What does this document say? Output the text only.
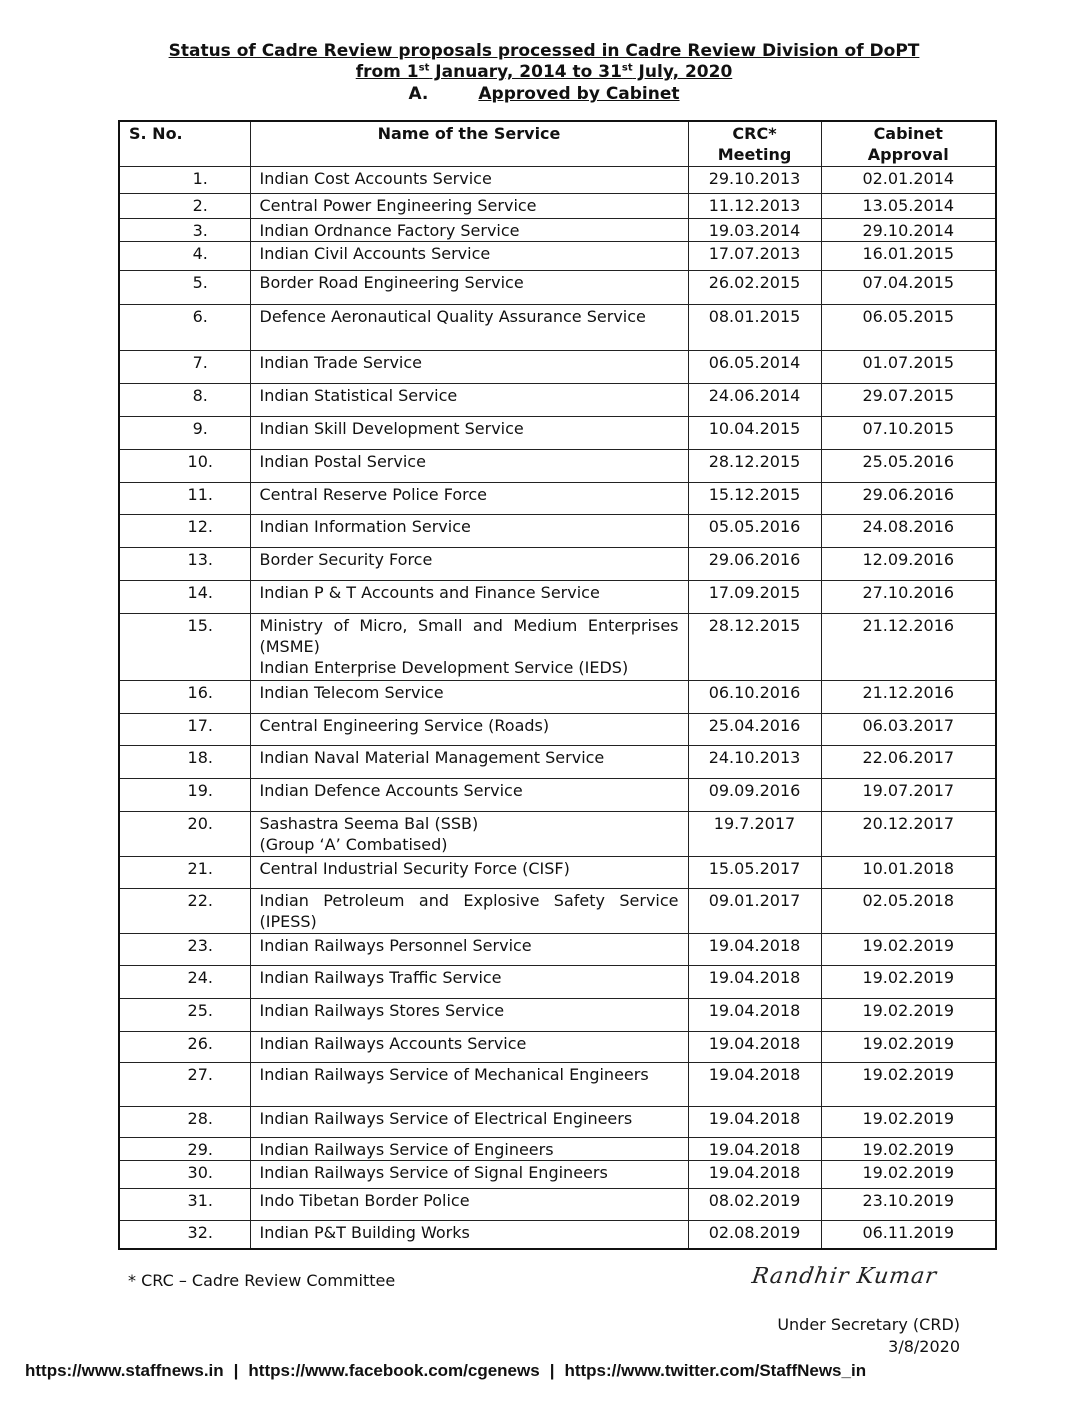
Status of Cadre Review proposals processed in Cadre Review Division of DoPT
from 1st January, 2014 to 31st July, 2020
A.	Approved by Cabinet
S. No.	Name of the Service	CRC* Meeting	Cabinet Approval
1.	Indian Cost Accounts Service	29.10.2013	02.01.2014
2.	Central Power Engineering Service	11.12.2013	13.05.2014
3.	Indian Ordnance Factory Service	19.03.2014	29.10.2014
4.	Indian Civil Accounts Service	17.07.2013	16.01.2015
5.	Border Road Engineering Service	26.02.2015	07.04.2015
6.	Defence Aeronautical Quality Assurance Service	08.01.2015	06.05.2015
7.	Indian Trade Service	06.05.2014	01.07.2015
8.	Indian Statistical Service	24.06.2014	29.07.2015
9.	Indian Skill Development Service	10.04.2015	07.10.2015
10.	Indian Postal Service	28.12.2015	25.05.2016
11.	Central Reserve Police Force	15.12.2015	29.06.2016
12.	Indian Information Service	05.05.2016	24.08.2016
13.	Border Security Force	29.06.2016	12.09.2016
14.	Indian P & T Accounts and Finance Service	17.09.2015	27.10.2016
15.	Ministry of Micro, Small and Medium Enterprises (MSME)
Indian Enterprise Development Service (IEDS)	28.12.2015	21.12.2016
16.	Indian Telecom Service	06.10.2016	21.12.2016
17.	Central Engineering Service (Roads)	25.04.2016	06.03.2017
18.	Indian Naval Material Management Service	24.10.2013	22.06.2017
19.	Indian Defence Accounts Service	09.09.2016	19.07.2017
20.	Sashastra Seema Bal (SSB)
(Group ‘A’ Combatised)	19.7.2017	20.12.2017
21.	Central Industrial Security Force (CISF)	15.05.2017	10.01.2018
22.	Indian Petroleum and Explosive Safety Service (IPESS)	09.01.2017	02.05.2018
23.	Indian Railways Personnel Service	19.04.2018	19.02.2019
24.	Indian Railways Traffic Service	19.04.2018	19.02.2019
25.	Indian Railways Stores Service	19.04.2018	19.02.2019
26.	Indian Railways Accounts Service	19.04.2018	19.02.2019
27.	Indian Railways Service of Mechanical Engineers	19.04.2018	19.02.2019
28.	Indian Railways Service of Electrical Engineers	19.04.2018	19.02.2019
29.	Indian Railways Service of Engineers	19.04.2018	19.02.2019
30.	Indian Railways Service of Signal Engineers	19.04.2018	19.02.2019
31.	Indo Tibetan Border Police	08.02.2019	23.10.2019
32.	Indian P&T Building Works	02.08.2019	06.11.2019
* CRC – Cadre Review Committee	Randhir Kumar
Under Secretary (CRD)
3/8/2020
https://www.staffnews.in | https://www.facebook.com/cgenews | https://www.twitter.com/StaffNews_in
